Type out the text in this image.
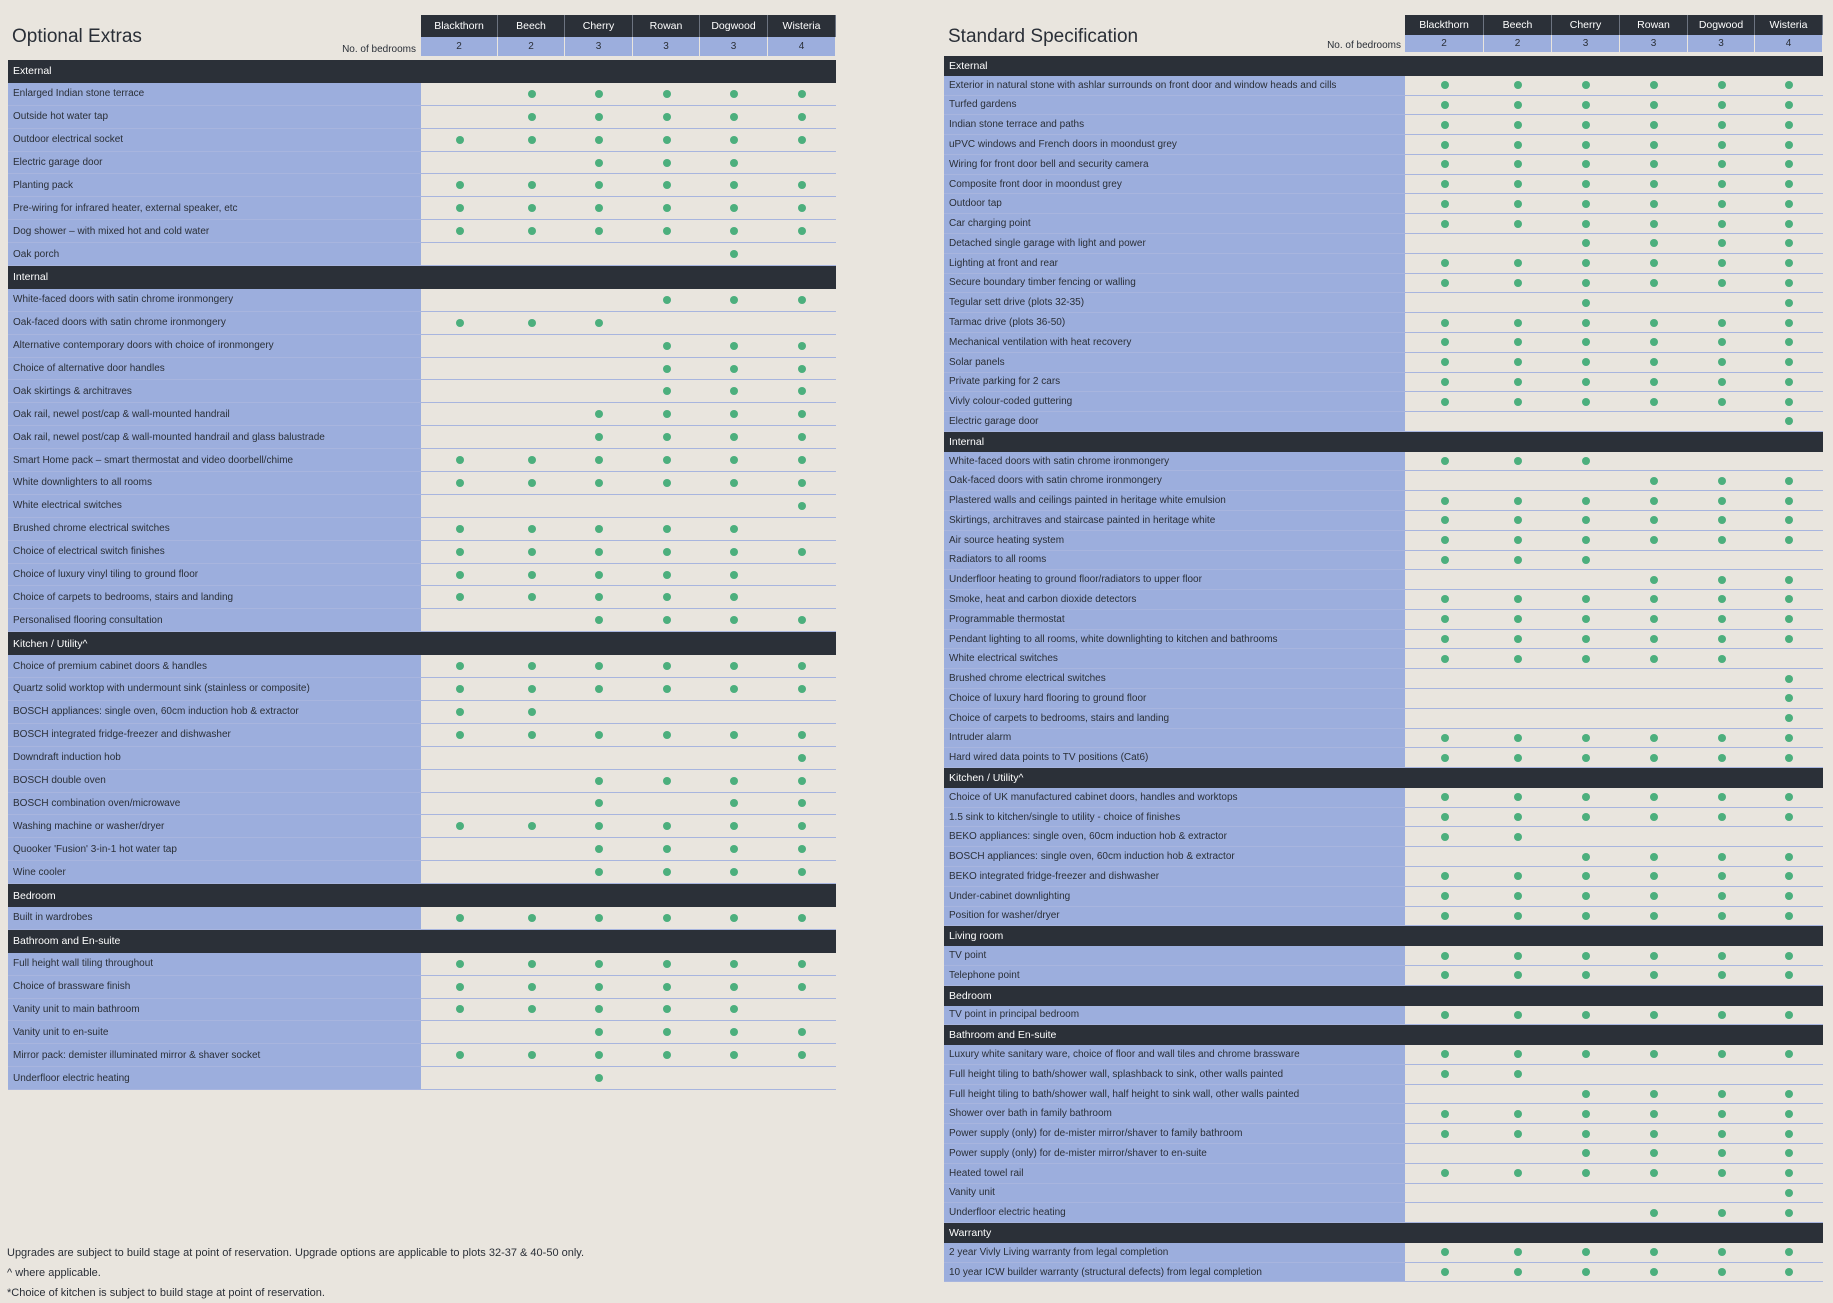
Optional Extras
No. of bedrooms
Blackthorn
2
Beech
2
Cherry
3
Rowan
3
Dogwood
3
Wisteria
4
External
Enlarged Indian stone terrace
Outside hot water tap
Outdoor electrical socket
Electric garage door
Planting pack
Pre-wiring for infrared heater, external speaker, etc
Dog shower – with mixed hot and cold water
Oak porch
Internal
White-faced doors with satin chrome ironmongery
Oak-faced doors with satin chrome ironmongery
Alternative contemporary doors with choice of ironmongery
Choice of alternative door handles
Oak skirtings & architraves
Oak rail, newel post/cap & wall-mounted handrail
Oak rail, newel post/cap & wall-mounted handrail and glass balustrade
Smart Home pack – smart thermostat and video doorbell/chime
White downlighters to all rooms
White electrical switches
Brushed chrome electrical switches
Choice of electrical switch finishes
Choice of luxury vinyl tiling to ground floor
Choice of carpets to bedrooms, stairs and landing
Personalised flooring consultation
Kitchen / Utility^
Choice of premium cabinet doors & handles
Quartz solid worktop with undermount sink (stainless or composite)
BOSCH appliances: single oven, 60cm induction hob & extractor
BOSCH integrated fridge-freezer and dishwasher
Downdraft induction hob
BOSCH double oven
BOSCH combination oven/microwave
Washing machine or washer/dryer
Quooker 'Fusion' 3-in-1 hot water tap
Wine cooler
Bedroom
Built in wardrobes
Bathroom and En-suite
Full height wall tiling throughout
Choice of brassware finish
Vanity unit to main bathroom
Vanity unit to en-suite
Mirror pack: demister illuminated mirror & shaver socket
Underfloor electric heating
Standard Specification	No. of bedrooms
Blackthorn
2
Beech
2
Cherry
3
Rowan
3
Dogwood
3
Wisteria
4
External
Exterior in natural stone with ashlar surrounds on front door and window heads and cills
Turfed gardens
Indian stone terrace and paths
uPVC windows and French doors in moondust grey
Wiring for front door bell and security camera
Composite front door in moondust grey
Outdoor tap
Car charging point
Detached single garage with light and power
Lighting at front and rear
Secure boundary timber fencing or walling
Tegular sett drive (plots 32-35)
Tarmac drive (plots 36-50)
Mechanical ventilation with heat recovery
Solar panels
Private parking for 2 cars
Vivly colour-coded guttering
Electric garage door
Internal
White-faced doors with satin chrome ironmongery
Oak-faced doors with satin chrome ironmongery
Plastered walls and ceilings painted in heritage white emulsion
Skirtings, architraves and staircase painted in heritage white
Air source heating system
Radiators to all rooms
Underfloor heating to ground floor/radiators to upper floor
Smoke, heat and carbon dioxide detectors
Programmable thermostat
Pendant lighting to all rooms, white downlighting to kitchen and bathrooms
White electrical switches
Brushed chrome electrical switches
Choice of luxury hard flooring to ground floor
Choice of carpets to bedrooms, stairs and landing
Intruder alarm
Hard wired data points to TV positions (Cat6)
Kitchen / Utility^
Choice of UK manufactured cabinet doors, handles and worktops
1.5 sink to kitchen/single to utility - choice of finishes
BEKO appliances: single oven, 60cm induction hob & extractor
BOSCH appliances: single oven, 60cm induction hob & extractor
BEKO integrated fridge-freezer and dishwasher
Under-cabinet downlighting
Position for washer/dryer
Living room
TV point
Telephone point
Bedroom
TV point in principal bedroom
Bathroom and En-suite
Luxury white sanitary ware, choice of floor and wall tiles and chrome brassware
Full height tiling to bath/shower wall, splashback to sink, other walls painted
Full height tiling to bath/shower wall, half height to sink wall, other walls painted
Shower over bath in family bathroom
Power supply (only) for de-mister mirror/shaver to family bathroom
Power supply (only) for de-mister mirror/shaver to en-suite
Heated towel rail
Vanity unit
Underfloor electric heating
Warranty
2 year Vivly Living warranty from legal completion
10 year ICW builder warranty (structural defects) from legal completion
Upgrades are subject to build stage at point of reservation. Upgrade options are applicable to plots 32-37 & 40-50 only.
^ where applicable.
*Choice of kitchen is subject to build stage at point of reservation.
